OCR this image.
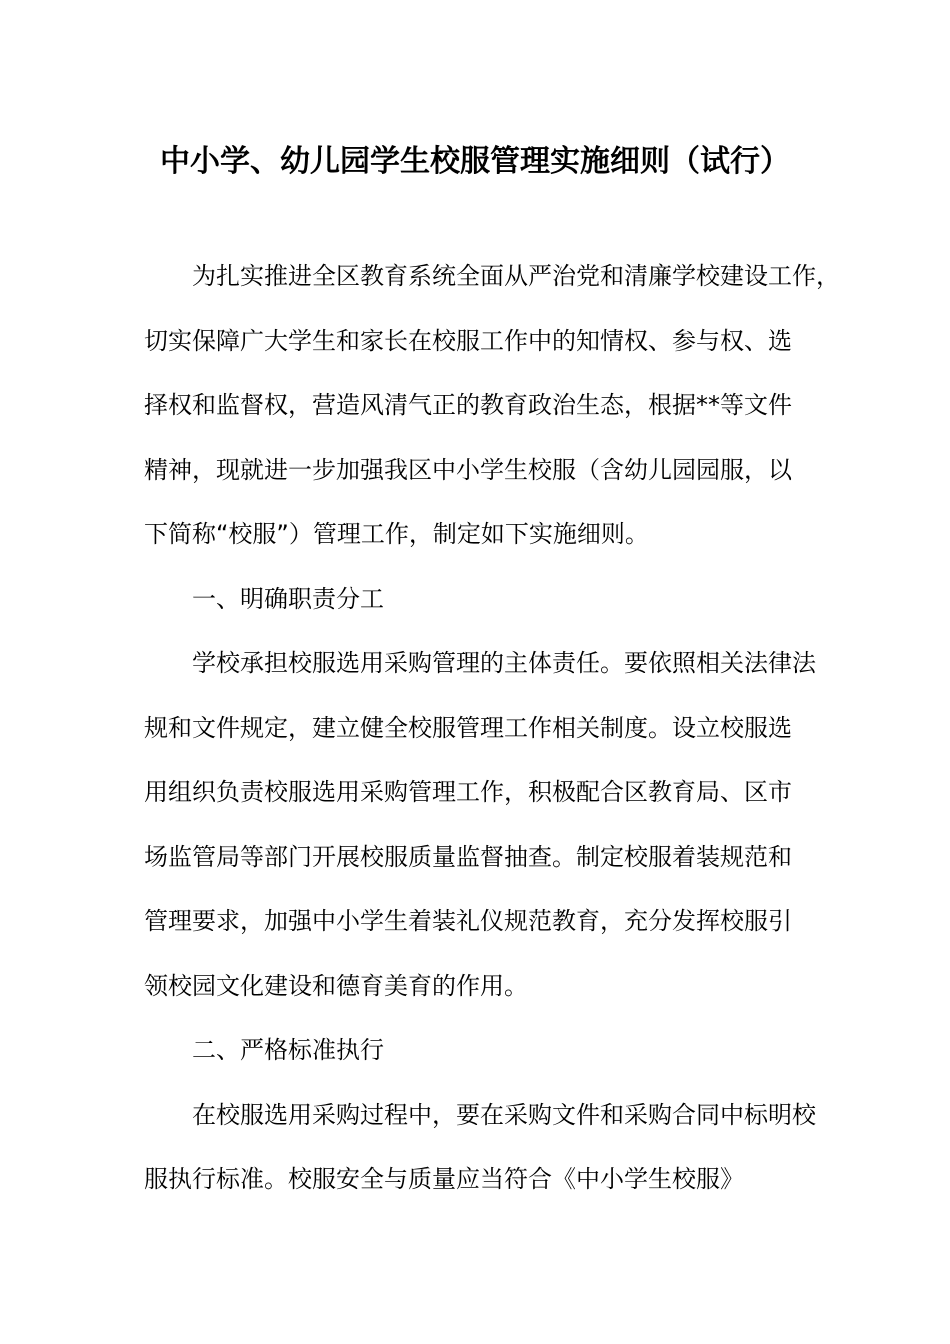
中小学、幼儿园学生校服管理实施细则（试行）
为扎实推进全区教育系统全面从严治党和清廉学校建设工作，
切实保障广大学生和家长在校服工作中的知情权、参与权、选
择权和监督权，营造风清气正的教育政治生态，根据**等文件
精神，现就进一步加强我区中小学生校服（含幼儿园园服，以
下简称“校服”）管理工作，制定如下实施细则。
一、明确职责分工
学校承担校服选用采购管理的主体责任。要依照相关法律法
规和文件规定，建立健全校服管理工作相关制度。设立校服选
用组织负责校服选用采购管理工作，积极配合区教育局、区市
场监管局等部门开展校服质量监督抽查。制定校服着装规范和
管理要求，加强中小学生着装礼仪规范教育，充分发挥校服引
领校园文化建设和德育美育的作用。
二、严格标准执行
在校服选用采购过程中，要在采购文件和采购合同中标明校
服执行标准。校服安全与质量应当符合《中小学生校服》
